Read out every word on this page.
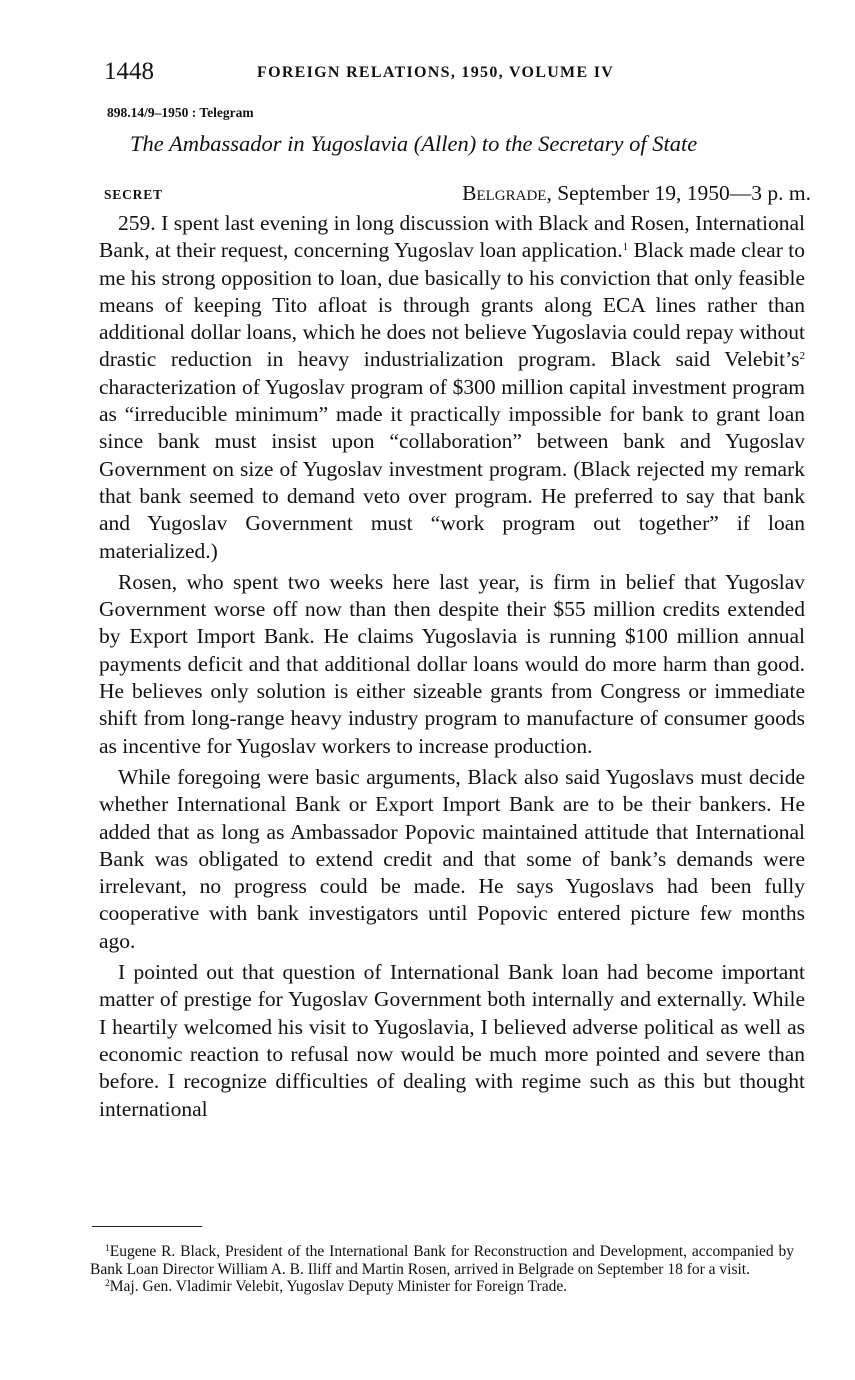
1448	FOREIGN RELATIONS, 1950, VOLUME IV
898.14/9–1950 : Telegram
The Ambassador in Yugoslavia (Allen) to the Secretary of State
SECRET	Belgrade, September 19, 1950—3 p. m.

259. I spent last evening in long discussion with Black and Rosen, International Bank, at their request, concerning Yugoslav loan application.$^1$ Black made clear to me his strong opposition to loan, due basically to his conviction that only feasible means of keeping Tito afloat is through grants along ECA lines rather than additional dollar loans, which he does not believe Yugoslavia could repay without drastic reduction in heavy industrialization program. Black said $Velebit’s^2$ characterization of Yugoslav program of $300 million capital investment program as “irreducible minimum” made it practically impossible for bank to grant loan since bank must insist upon “collaboration” between bank and Yugoslav Government on size of Yugoslav investment program. (Black rejected my remark that bank seemed to demand veto over program. He preferred to say that bank and Yugoslav Government must “work program out together” if loan materialized.)

Rosen, who spent two weeks here last year, is firm in belief that Yugoslav Government worse off now than then despite their $55 million credits extended by Export Import Bank. He claims Yugoslavia is running $100 million annual payments deficit and that additional dollar loans would do more harm than good. He believes only solution is either sizeable grants from Congress or immediate shift from long-range heavy industry program to manufacture of consumer goods as incentive for Yugoslav workers to increase production.

While foregoing were basic arguments, Black also said Yugoslavs must decide whether International Bank or Export Import Bank are to be their bankers. He added that as long as Ambassador Popovic maintained attitude that International Bank was obligated to extend credit and that some of bank’s demands were irrelevant, no progress could be made. He says Yugoslavs had been fully cooperative with bank investigators until Popovic entered picture few months ago.

I pointed out that question of International Bank loan had become important matter of prestige for Yugoslav Government both internally and externally. While I heartily welcomed his visit to Yugoslavia, I believed adverse political as well as economic reaction to refusal now would be much more pointed and severe than before. I recognize difficulties of dealing with regime such as this but thought international

$^1$Eugene R. Black, President of the International Bank for Reconstruction and Development, accompanied by Bank Loan Director William A. B. Iliff and Martin Rosen, arrived in Belgrade on September 18 for a visit.

$^2$Maj. Gen. Vladimir Velebit, Yugoslav Deputy Minister for Foreign Trade.
